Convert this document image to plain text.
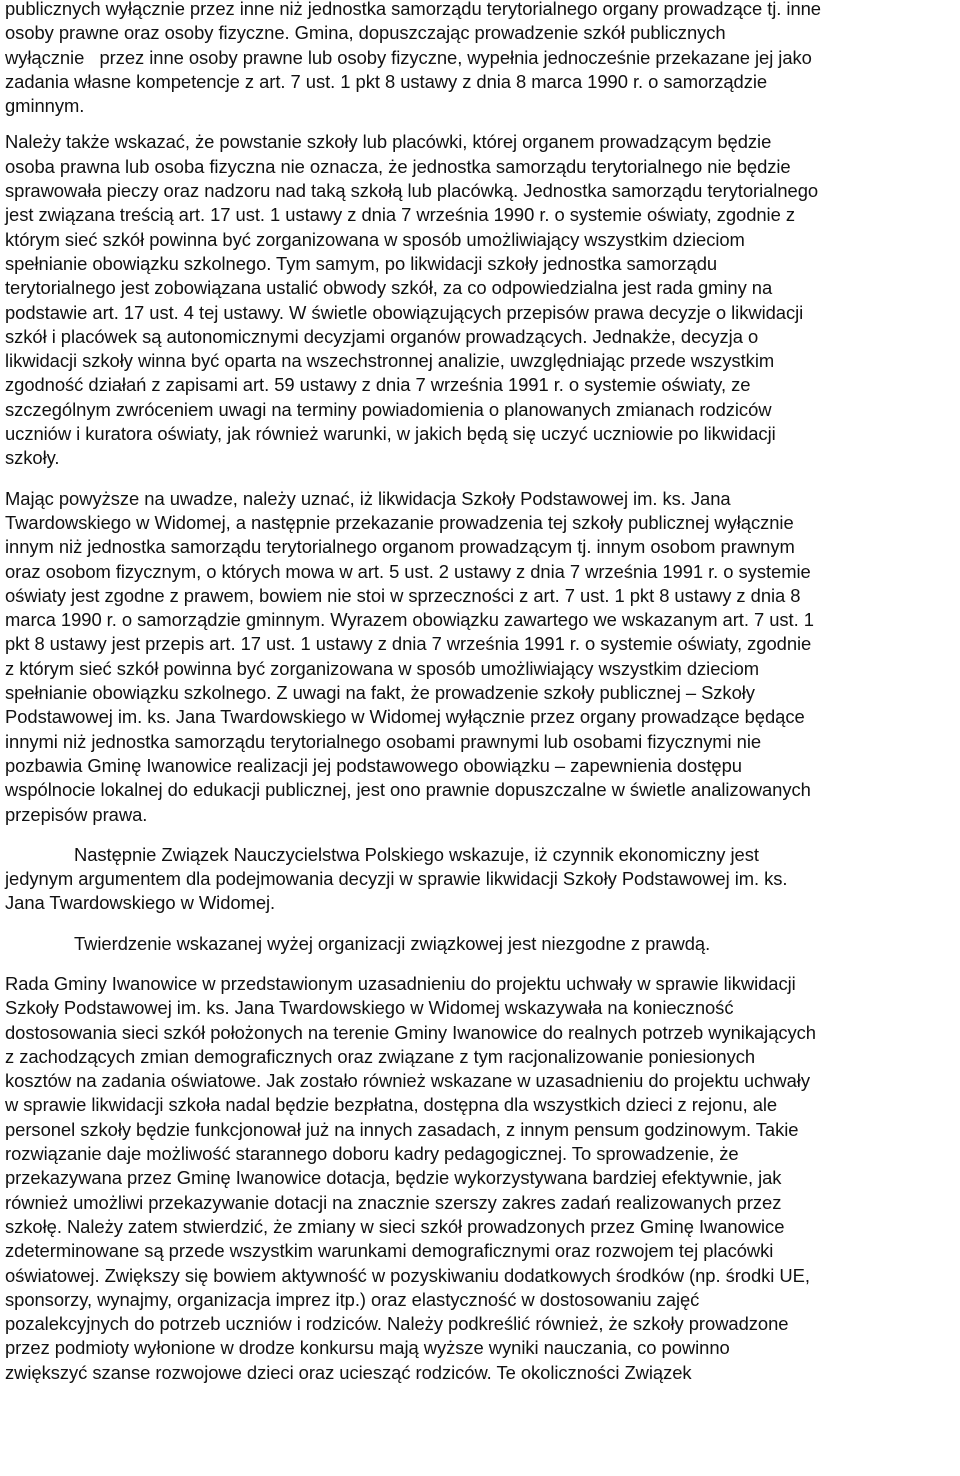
publicznych wyłącznie przez inne niż jednostka samorządu terytorialnego organy prowadzące tj. inne
osoby prawne oraz osoby fizyczne. Gmina, dopuszczając prowadzenie szkół publicznych
wyłącznie   przez inne osoby prawne lub osoby fizyczne, wypełnia jednocześnie przekazane jej jako
zadania własne kompetencje z art. 7 ust. 1 pkt 8 ustawy z dnia 8 marca 1990 r. o samorządzie
gminnym.
Należy także wskazać, że powstanie szkoły lub placówki, której organem prowadzącym będzie
osoba prawna lub osoba fizyczna nie oznacza, że jednostka samorządu terytorialnego nie będzie
sprawowała pieczy oraz nadzoru nad taką szkołą lub placówką. Jednostka samorządu terytorialnego
jest związana treścią art. 17 ust. 1 ustawy z dnia 7 września 1990 r. o systemie oświaty, zgodnie z
którym sieć szkół powinna być zorganizowana w sposób umożliwiający wszystkim dzieciom
spełnianie obowiązku szkolnego. Tym samym, po likwidacji szkoły jednostka samorządu
terytorialnego jest zobowiązana ustalić obwody szkół, za co odpowiedzialna jest rada gminy na
podstawie art. 17 ust. 4 tej ustawy. W świetle obowiązujących przepisów prawa decyzje o likwidacji
szkół i placówek są autonomicznymi decyzjami organów prowadzących. Jednakże, decyzja o
likwidacji szkoły winna być oparta na wszechstronnej analizie, uwzględniając przede wszystkim
zgodność działań z zapisami art. 59 ustawy z dnia 7 września 1991 r. o systemie oświaty, ze
szczególnym zwróceniem uwagi na terminy powiadomienia o planowanych zmianach rodziców
uczniów i kuratora oświaty, jak również warunki, w jakich będą się uczyć uczniowie po likwidacji
szkoły.
Mając powyższe na uwadze, należy uznać, iż likwidacja Szkoły Podstawowej im. ks. Jana
Twardowskiego w Widomej, a następnie przekazanie prowadzenia tej szkoły publicznej wyłącznie
innym niż jednostka samorządu terytorialnego organom prowadzącym tj. innym osobom prawnym
oraz osobom fizycznym, o których mowa w art. 5 ust. 2 ustawy z dnia 7 września 1991 r. o systemie
oświaty jest zgodne z prawem, bowiem nie stoi w sprzeczności z art. 7 ust. 1 pkt 8 ustawy z dnia 8
marca 1990 r. o samorządzie gminnym. Wyrazem obowiązku zawartego we wskazanym art. 7 ust. 1
pkt 8 ustawy jest przepis art. 17 ust. 1 ustawy z dnia 7 września 1991 r. o systemie oświaty, zgodnie
z którym sieć szkół powinna być zorganizowana w sposób umożliwiający wszystkim dzieciom
spełnianie obowiązku szkolnego. Z uwagi na fakt, że prowadzenie szkoły publicznej – Szkoły
Podstawowej im. ks. Jana Twardowskiego w Widomej wyłącznie przez organy prowadzące będące
innymi niż jednostka samorządu terytorialnego osobami prawnymi lub osobami fizycznymi nie
pozbawia Gminę Iwanowice realizacji jej podstawowego obowiązku – zapewnienia dostępu
wspólnocie lokalnej do edukacji publicznej, jest ono prawnie dopuszczalne w świetle analizowanych
przepisów prawa.
Następnie Związek Nauczycielstwa Polskiego wskazuje, iż czynnik ekonomiczny jest
jedynym argumentem dla podejmowania decyzji w sprawie likwidacji Szkoły Podstawowej im. ks.
Jana Twardowskiego w Widomej.
Twierdzenie wskazanej wyżej organizacji związkowej jest niezgodne z prawdą.
Rada Gminy Iwanowice w przedstawionym uzasadnieniu do projektu uchwały w sprawie likwidacji
Szkoły Podstawowej im. ks. Jana Twardowskiego w Widomej wskazywała na konieczność
dostosowania sieci szkół położonych na terenie Gminy Iwanowice do realnych potrzeb wynikających
z zachodzących zmian demograficznych oraz związane z tym racjonalizowanie poniesionych
kosztów na zadania oświatowe. Jak zostało również wskazane w uzasadnieniu do projektu uchwały
w sprawie likwidacji szkoła nadal będzie bezpłatna, dostępna dla wszystkich dzieci z rejonu, ale
personel szkoły będzie funkcjonował już na innych zasadach, z innym pensum godzinowym. Takie
rozwiązanie daje możliwość starannego doboru kadry pedagogicznej. To sprowadzenie, że
przekazywana przez Gminę Iwanowice dotacja, będzie wykorzystywana bardziej efektywnie, jak
również umożliwi przekazywanie dotacji na znacznie szerszy zakres zadań realizowanych przez
szkołę. Należy zatem stwierdzić, że zmiany w sieci szkół prowadzonych przez Gminę Iwanowice
zdeterminowane są przede wszystkim warunkami demograficznymi oraz rozwojem tej placówki
oświatowej. Zwiększy się bowiem aktywność w pozyskiwaniu dodatkowych środków (np. środki UE,
sponsorzy, wynajmy, organizacja imprez itp.) oraz elastyczność w dostosowaniu zajęć
pozalekcyjnych do potrzeb uczniów i rodziców. Należy podkreślić również, że szkoły prowadzone
przez podmioty wyłonione w drodze konkursu mają wyższe wyniki nauczania, co powinno
zwiększyć szanse rozwojowe dzieci oraz uciesząć rodziców. Te okoliczności Związek
